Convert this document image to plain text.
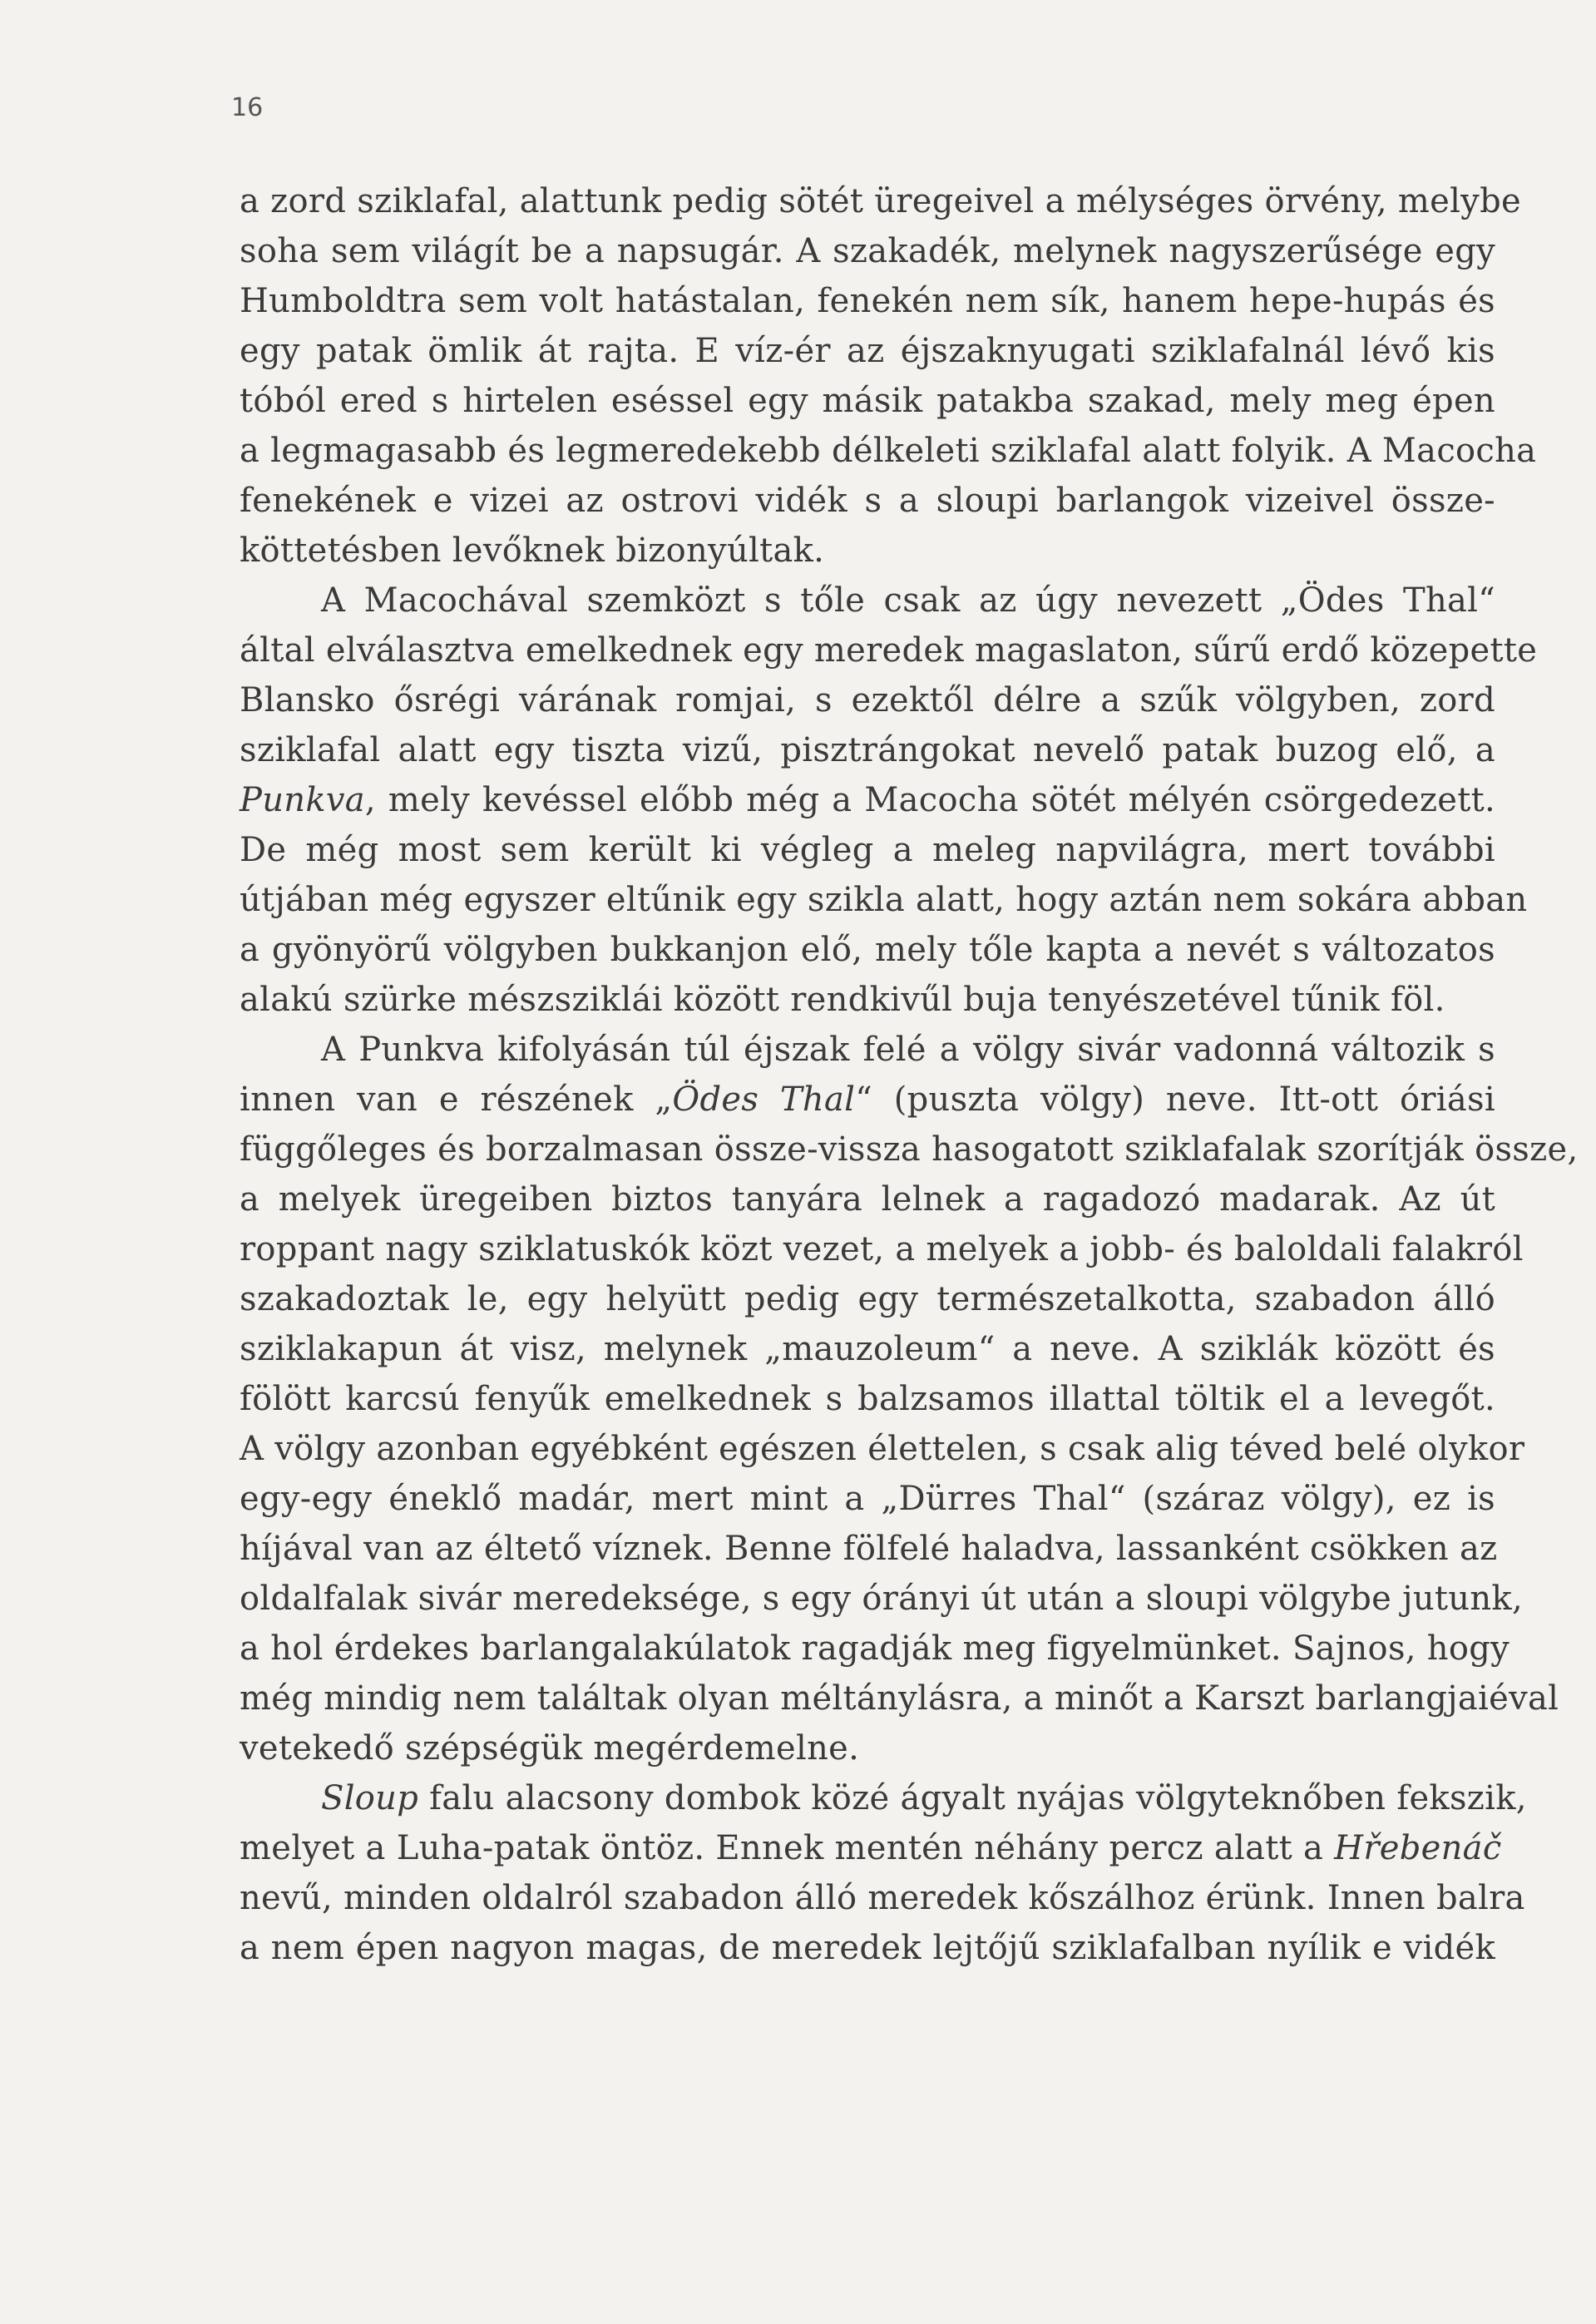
16

a zord sziklafal, alattunk pedig sötét üregeivel a mélységes örvény, melybe
soha sem világít be a napsugár. A szakadék, melynek nagyszerűsége egy
Humboldtra sem volt hatástalan, fenekén nem sík, hanem hepe-hupás és
egy patak ömlik át rajta. E víz-ér az éjszaknyugati sziklafalnál lévő kis
tóból ered s hirtelen eséssel egy másik patakba szakad, mely meg épen
a legmagasabb és legmeredekebb délkeleti sziklafal alatt folyik. A Macocha
fenekének e vizei az ostrovi vidék s a sloupi barlangok vizeivel össze-
köttetésben levőknek bizonyúltak.

A Macochával szemközt s tőle csak az úgy nevezett „Ödes Thal“
által elválasztva emelkednek egy meredek magaslaton, sűrű erdő közepette
Blansko ősrégi várának romjai, s ezektől délre a szűk völgyben, zord
sziklafal alatt egy tiszta vizű, pisztrángokat nevelő patak buzog elő, a
Punkva, mely kevéssel előbb még a Macocha sötét mélyén csörgedezett.
De még most sem került ki végleg a meleg napvilágra, mert további
útjában még egyszer eltűnik egy szikla alatt, hogy aztán nem sokára abban
a gyönyörű völgyben bukkanjon elő, mely tőle kapta a nevét s változatos
alakú szürke mészsziklái között rendkivűl buja tenyészetével tűnik föl.

A Punkva kifolyásán túl éjszak felé a völgy sivár vadonná változik s
innen van e részének „Ödes Thal“ (puszta völgy) neve. Itt-ott óriási
függőleges és borzalmasan össze-vissza hasogatott sziklafalak szorítják össze,
a melyek üregeiben biztos tanyára lelnek a ragadozó madarak. Az út
roppant nagy sziklatuskók közt vezet, a melyek a jobb- és baloldali falakról
szakadoztak le, egy helyütt pedig egy természetalkotta, szabadon álló
sziklakapun át visz, melynek „mauzoleum“ a neve. A sziklák között és
fölött karcsú fenyűk emelkednek s balzsamos illattal töltik el a levegőt.
A völgy azonban egyébként egészen élettelen, s csak alig téved belé olykor
egy-egy éneklő madár, mert mint a „Dürres Thal“ (száraz völgy), ez is
híjával van az éltető víznek. Benne fölfelé haladva, lassanként csökken az
oldalfalak sivár meredeksége, s egy órányi út után a sloupi völgybe jutunk,
a hol érdekes barlangalakúlatok ragadják meg figyelmünket. Sajnos, hogy
még mindig nem találtak olyan méltánylásra, a minőt a Karszt barlangjaiéval
vetekedő szépségük megérdemelne.

Sloup falu alacsony dombok közé ágyalt nyájas völgyteknőben fekszik,
melyet a Luha-patak öntöz. Ennek mentén néhány percz alatt a Hřebenáč
nevű, minden oldalról szabadon álló meredek kőszálhoz érünk. Innen balra
a nem épen nagyon magas, de meredek lejtőjű sziklafalban nyílik e vidék
